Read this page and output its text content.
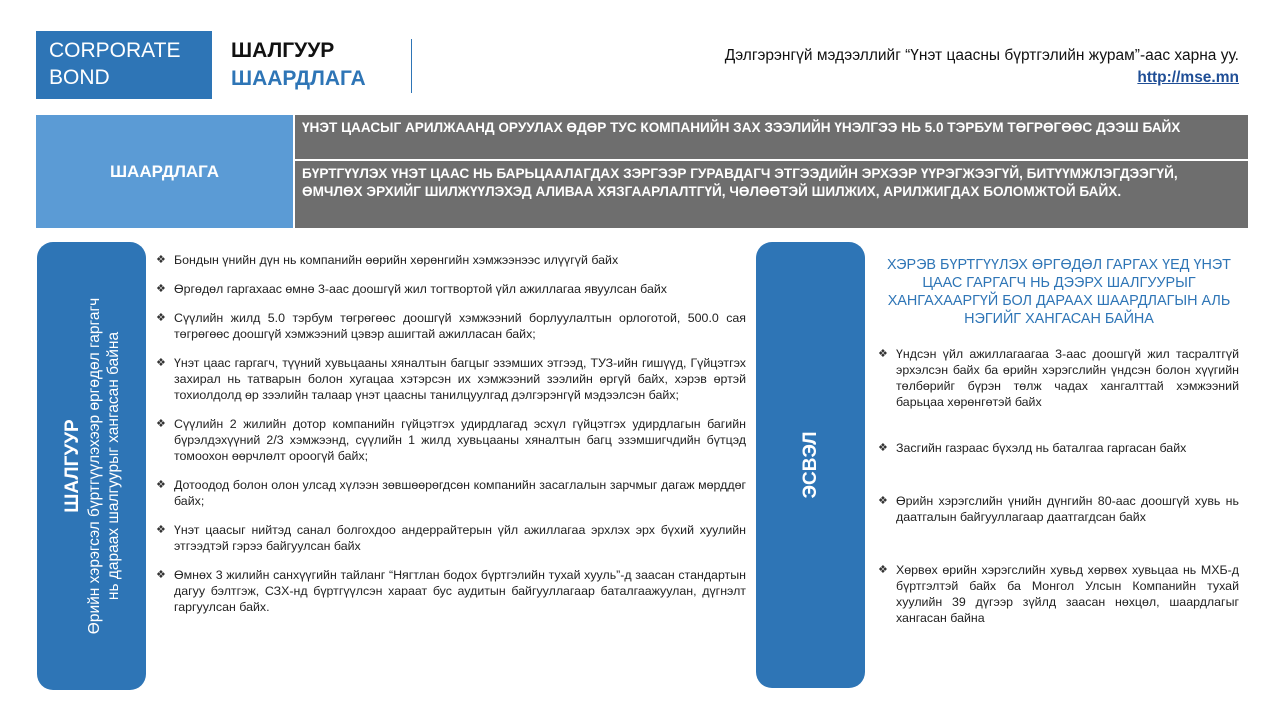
CORPORATE
BOND
ШАЛГУУР
ШААРДЛАГА
Дэлгэрэнгүй мэдээллийг “Үнэт цаасны бүртгэлийн журам”-аас харна уу.
http://mse.mn
ШААРДЛАГА
ҮНЭТ ЦААСЫГ АРИЛЖААНД ОРУУЛАХ ӨДӨР ТУС КОМПАНИЙН ЗАХ ЗЭЭЛИЙН ҮНЭЛГЭЭ НЬ 5.0 ТЭРБУМ ТӨГРӨГӨӨС ДЭЭШ БАЙХ
БҮРТГҮҮЛЭХ ҮНЭТ ЦААС НЬ БАРЬЦААЛАГДАХ ЗЭРГЭЭР ГУРАВДАГЧ ЭТГЭЭДИЙН ЭРХЭЭР ҮҮРЭГЖЭЭГҮЙ, БИТҮҮМЖЛЭГДЭЭГҮЙ, ӨМЧЛӨХ ЭРХИЙГ ШИЛЖҮҮЛЭХЭД АЛИВАА ХЯЗГААРЛАЛТГҮЙ, ЧӨЛӨӨТЭЙ ШИЛЖИХ, АРИЛЖИГДАХ БОЛОМЖТОЙ БАЙХ.
ШАЛГУУР Өрийн хэрэгсэл бүртгүүлэхээр өргөдөл гаргагч нь дараах шалгуурыг хангасан байна
❖ Бондын үнийн дүн нь компанийн өөрийн хөрөнгийн хэмжээнээс илүүгүй байх
❖ Өргөдөл гаргахаас өмнө 3-аас доошгүй жил тогтвортой үйл ажиллагаа явуулсан байх
❖ Сүүлийн жилд 5.0 тэрбум төгрөгөөс доошгүй хэмжээний борлуулалтын орлоготой, 500.0 сая төгрөгөөс доошгүй хэмжээний цэвэр ашигтай ажилласан байх;
❖ Үнэт цаас гаргагч, түүний хувьцааны хяналтын багцыг эзэмших этгээд, ТУЗ-ийн гишүүд, Гүйцэтгэх захирал нь татварын болон хугацаа хэтэрсэн их хэмжээний зээлийн өргүй байх, хэрэв өртэй тохиолдолд өр зээлийн талаар үнэт цаасны танилцуулгад дэлгэрэнгүй мэдээлсэн байх;
❖ Сүүлийн 2 жилийн дотор компанийн гүйцэтгэх удирдлагад эсхүл гүйцэтгэх удирдлагын багийн бүрэлдэхүүний 2/3 хэмжээнд, сүүлийн 1 жилд хувьцааны хяналтын багц эзэмшигчдийн бүтцэд томоохон өөрчлөлт ороогүй байх;
❖ Дотоодод болон олон улсад хүлээн зөвшөөрөгдсөн компанийн засаглалын зарчмыг дагаж мөрддөг байх;
❖ Үнэт цаасыг нийтэд санал болгохдоо андеррайтерын үйл ажиллагаа эрхлэх эрх бүхий хуулийн этгээдтэй гэрээ байгуулсан байх
❖ Өмнөх 3 жилийн санхүүгийн тайланг “Нягтлан бодох бүртгэлийн тухай хууль”-д заасан стандартын дагуу бэлтгэж, СЗХ-нд бүртгүүлсэн хараат бус аудитын байгууллагаар баталгаажуулан, дүгнэлт гаргуулсан байх.
ЭСВЭЛ
ХЭРЭВ БҮРТГҮҮЛЭХ ӨРГӨДӨЛ ГАРГАХ ҮЕД ҮНЭТ ЦААС ГАРГАГЧ НЬ ДЭЭРХ ШАЛГУУРЫГ ХАНГАХААРГҮЙ БОЛ ДАРААХ ШААРДЛАГЫН АЛЬ НЭГИЙГ ХАНГАСАН БАЙНА
❖ Үндсэн үйл ажиллагаагаа 3-аас доошгүй жил тасралтгүй эрхэлсэн байх ба өрийн хэрэгслийн үндсэн болон хүүгийн төлбөрийг бүрэн төлж чадах хангалттай хэмжээний барьцаа хөрөнгөтэй байх
❖ Засгийн газраас бүхэлд нь баталгаа гаргасан байх
❖ Өрийн хэрэгслийн үнийн дүнгийн 80-аас доошгүй хувь нь даатгалын байгууллагаар даатгагдсан байх
❖ Хөрвөх өрийн хэрэгслийн хувьд хөрвөх хувьцаа нь МХБ-д бүртгэлтэй байх ба Монгол Улсын Компанийн тухай хуулийн 39 дүгээр зүйлд заасан нөхцөл, шаардлагыг хангасан байна
